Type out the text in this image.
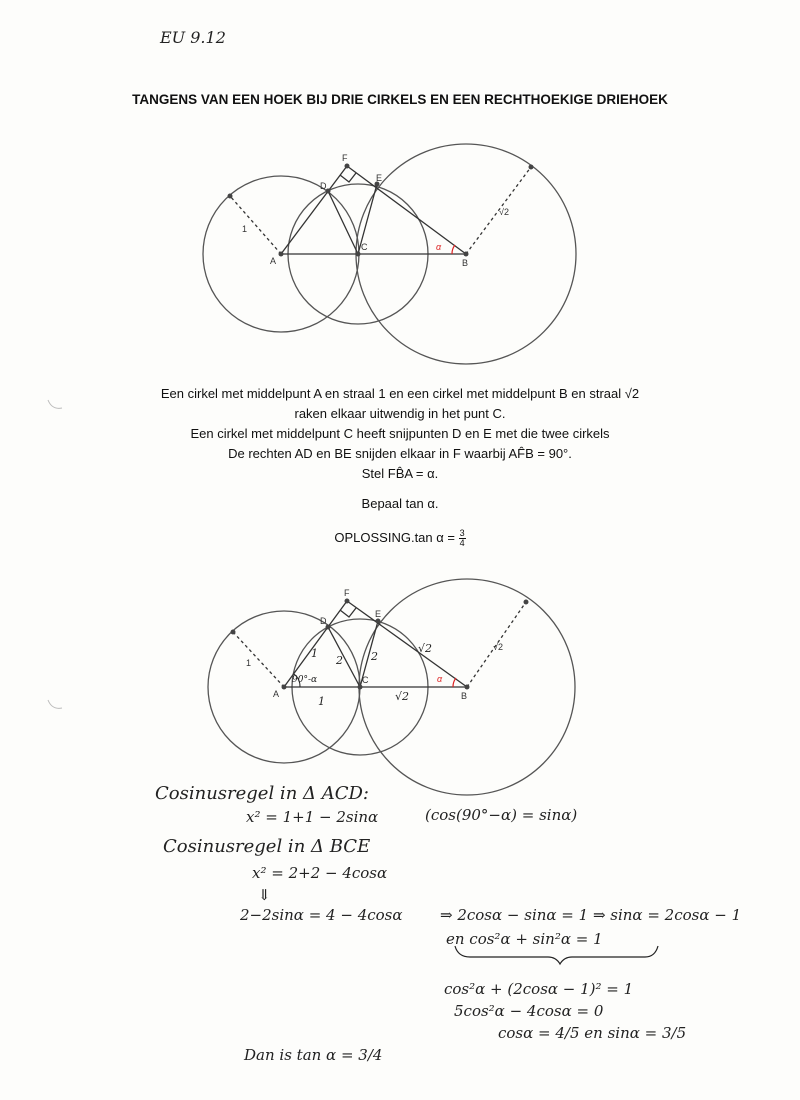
EU 9.12
TANGENS VAN EEN HOEK BIJ DRIE CIRKELS EN EEN RECHTHOEKIGE DRIEHOEK
A	B
C
D
E
F
1
√2
α
A	B
C
D
E
F
1
√2
α
1
2	2
√2
1	√2
90°-α
Een cirkel met middelpunt A en straal 1 en een cirkel met middelpunt B en straal √2
raken elkaar uitwendig in het punt C.
Een cirkel met middelpunt C heeft snijpunten D en E met die twee cirkels
De rechten AD en BE snijden elkaar in F waarbij AF̂B = 90°.
Stel FB̂A = α.
Bepaal tan α.
OPLOSSING.tan $\alpha = \frac{3}{4}$
Cosinusregel in Δ ACD:
x² = 1+1 − 2sinα	(cos(90°−α) = sinα)
Cosinusregel in Δ BCE
x² = 2+2 − 4cosα
⇓
2−2sinα = 4 − 4cosα	⇒ 2cosα − sinα = 1 ⇒ sinα = 2cosα − 1
en cos²α + sin²α = 1
cos²α + (2cosα − 1)² = 1
5cos²α − 4cosα = 0
cosα = 4/5 en sinα = 3/5
Dan is tan α = 3/4
